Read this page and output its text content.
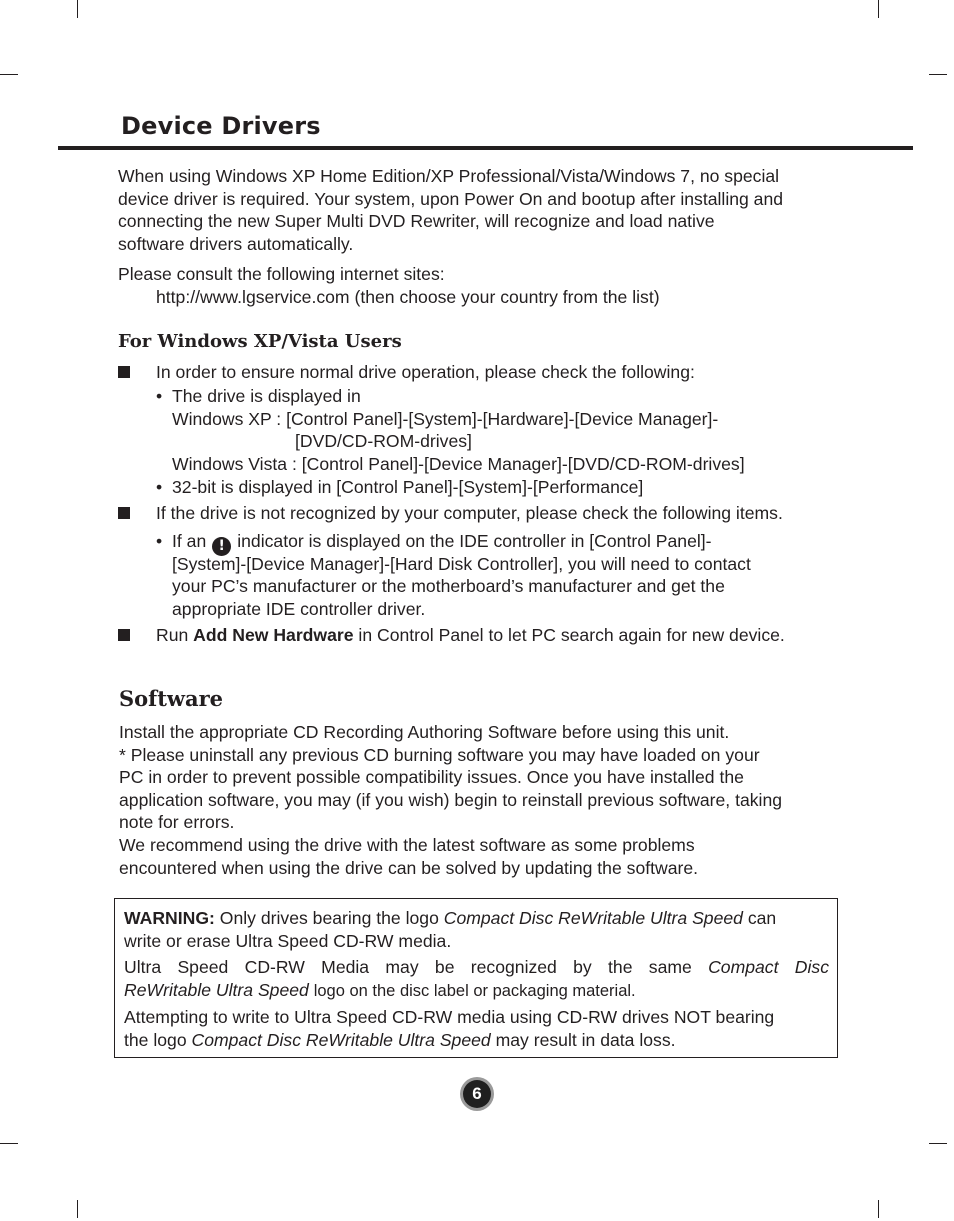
Device Drivers

When using Windows XP Home Edition/XP Professional/Vista/Windows 7, no special

device driver is required. Your system, upon Power On and bootup after installing and

connecting the new Super Multi DVD Rewriter, will recognize and load native

software drivers automatically.

Please consult the following internet sites:

http://www.lgservice.com (then choose your country from the list)

For Windows XP/Vista Users

In order to ensure normal drive operation, please check the following:

• The drive is displayed in

Windows XP : [Control Panel]-[System]-[Hardware]-[Device Manager]-

[DVD/CD-ROM-drives]

Windows Vista : [Control Panel]-[Device Manager]-[DVD/CD-ROM-drives]

• 32-bit is displayed in [Control Panel]-[System]-[Performance]

If the drive is not recognized by your computer, please check the following items.

• If an ! indicator is displayed on the IDE controller in [Control Panel]-

[System]-[Device Manager]-[Hard Disk Controller], you will need to contact

your PC’s manufacturer or the motherboard’s manufacturer and get the

appropriate IDE controller driver.

Run Add New Hardware in Control Panel to let PC search again for new device.

Software

Install the appropriate CD Recording Authoring Software before using this unit.

* Please uninstall any previous CD burning software you may have loaded on your

PC in order to prevent possible compatibility issues. Once you have installed the

application software, you may (if you wish) begin to reinstall previous software, taking

note for errors.

We recommend using the drive with the latest software as some problems

encountered when using the drive can be solved by updating the software.

WARNING: Only drives bearing the logo Compact Disc ReWritable Ultra Speed can

write or erase Ultra Speed CD-RW media.

Ultra Speed CD-RW Media may be recognized by the same Compact Disc

ReWritable Ultra Speed logo on the disc label or packaging material.

Attempting to write to Ultra Speed CD-RW media using CD-RW drives NOT bearing

the logo Compact Disc ReWritable Ultra Speed may result in data loss.

6
